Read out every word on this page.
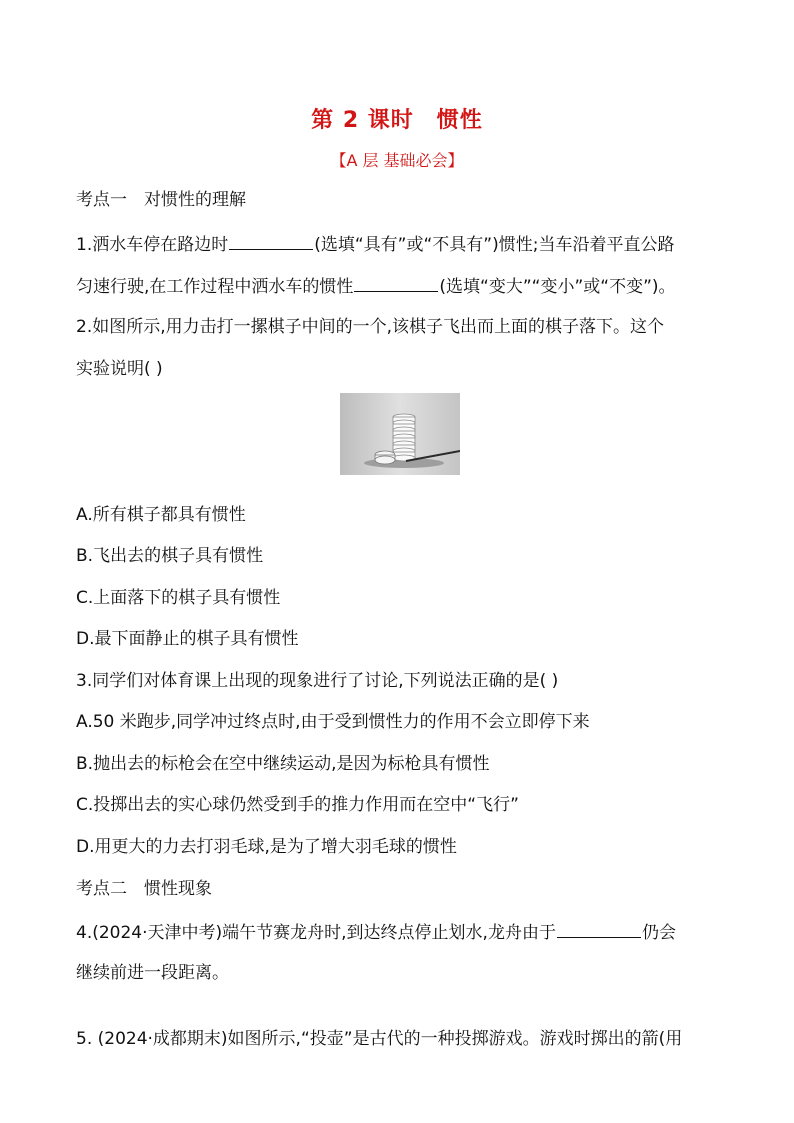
第 2 课时　惯性
【A 层 基础必会】
考点一　对惯性的理解
1.洒水车停在路边时	(选填“具有”或“不具有”)惯性;当车沿着平直公路
匀速行驶,在工作过程中洒水车的惯性	(选填“变大”“变小”或“不变”)。
2.如图所示,用力击打一摞棋子中间的一个,该棋子飞出而上面的棋子落下。这个
实验说明( )
A.所有棋子都具有惯性
B.飞出去的棋子具有惯性
C.上面落下的棋子具有惯性
D.最下面静止的棋子具有惯性
3.同学们对体育课上出现的现象进行了讨论,下列说法正确的是( )
A.50 米跑步,同学冲过终点时,由于受到惯性力的作用不会立即停下来
B.抛出去的标枪会在空中继续运动,是因为标枪具有惯性
C.投掷出去的实心球仍然受到手的推力作用而在空中“飞行”
D.用更大的力去打羽毛球,是为了增大羽毛球的惯性
考点二　惯性现象
4.(2024·天津中考)端午节赛龙舟时,到达终点停止划水,龙舟由于	仍会
继续前进一段距离。
5. (2024·成都期末)如图所示,“投壶”是古代的一种投掷游戏。游戏时掷出的箭(用
